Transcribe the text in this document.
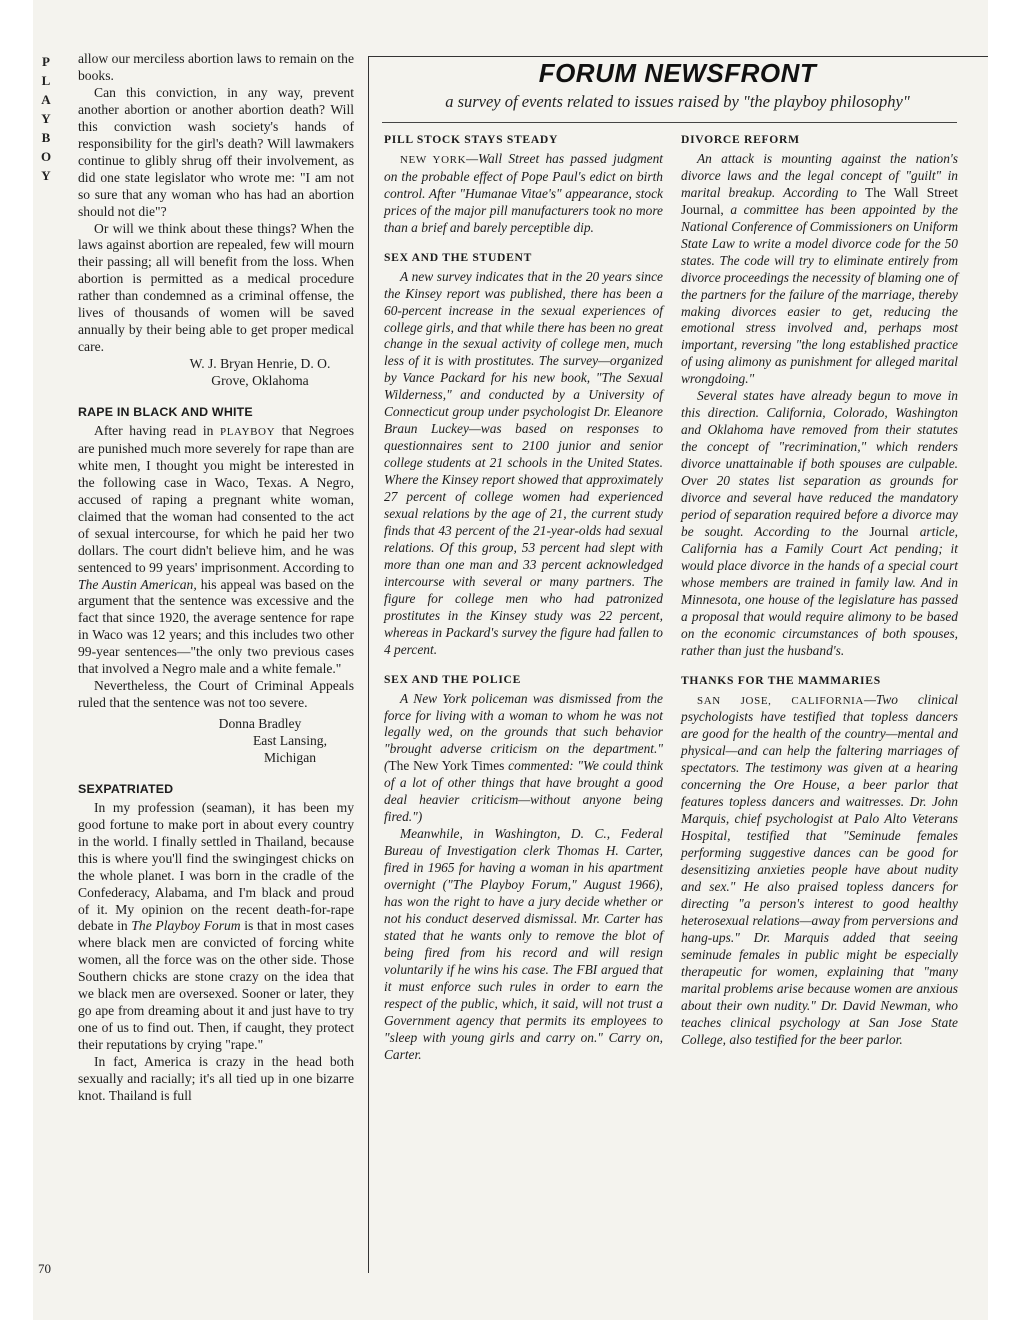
P
L
A
Y
B
O
Y
70

allow our merciless abortion laws to remain on the books.

Can this conviction, in any way, prevent another abortion or another abortion death? Will this conviction wash society's hands of responsibility for the girl's death? Will lawmakers continue to glibly shrug off their involvement, as did one state legislator who wrote me: "I am not so sure that any woman who has had an abortion should not die"?

Or will we think about these things? When the laws against abortion are repealed, few will mourn their passing; all will benefit from the loss. When abortion is permitted as a medical procedure rather than condemned as a criminal offense, the lives of thousands of women will be saved annually by their being able to get proper medical care.

W. J. Bryan Henrie, D. O.
Grove, Oklahoma
RAPE IN BLACK AND WHITE

After having read in PLAYBOY that Negroes are punished much more severely for rape than are white men, I thought you might be interested in the following case in Waco, Texas. A Negro, accused of raping a pregnant white woman, claimed that the woman had consented to the act of sexual intercourse, for which he paid her two dollars. The court didn't believe him, and he was sentenced to 99 years' imprisonment. According to The Austin American, his appeal was based on the argument that the sentence was excessive and the fact that since 1920, the average sentence for rape in Waco was 12 years; and this includes two other 99-year sentences—"the only two previous cases that involved a Negro male and a white female."

Nevertheless, the Court of Criminal Appeals ruled that the sentence was not too severe.

Donna Bradley
East Lansing, Michigan
SEXPATRIATED

In my profession (seaman), it has been my good fortune to make port in about every country in the world. I finally settled in Thailand, because this is where you'll find the swingingest chicks on the whole planet. I was born in the cradle of the Confederacy, Alabama, and I'm black and proud of it. My opinion on the recent death-for-rape debate in The Playboy Forum is that in most cases where black men are convicted of forcing white women, all the force was on the other side. Those Southern chicks are stone crazy on the idea that we black men are oversexed. Sooner or later, they go ape from dreaming about it and just have to try one of us to find out. Then, if caught, they protect their reputations by crying "rape."

In fact, America is crazy in the head both sexually and racially; it's all tied up in one bizarre knot. Thailand is full

FORUM NEWSFRONT
a survey of events related to issues raised by "the playboy philosophy"
PILL STOCK STAYS STEADY

NEW YORK—Wall Street has passed judgment on the probable effect of Pope Paul's edict on birth control. After "Humanae Vitae's" appearance, stock prices of the major pill manufacturers took no more than a brief and barely perceptible dip.

SEX AND THE STUDENT

A new survey indicates that in the 20 years since the Kinsey report was published, there has been a 60-percent increase in the sexual experiences of college girls, and that while there has been no great change in the sexual activity of college men, much less of it is with prostitutes. The survey—organized by Vance Packard for his new book, "The Sexual Wilderness," and conducted by a University of Connecticut group under psychologist Dr. Eleanore Braun Luckey—was based on responses to questionnaires sent to 2100 junior and senior college students at 21 schools in the United States. Where the Kinsey report showed that approximately 27 percent of college women had experienced sexual relations by the age of 21, the current study finds that 43 percent of the 21-year-olds had sexual relations. Of this group, 53 percent had slept with more than one man and 33 percent acknowledged intercourse with several or many partners. The figure for college men who had patronized prostitutes in the Kinsey study was 22 percent, whereas in Packard's survey the figure had fallen to 4 percent.

SEX AND THE POLICE

A New York policeman was dismissed from the force for living with a woman to whom he was not legally wed, on the grounds that such behavior "brought adverse criticism on the department." (The New York Times commented: "We could think of a lot of other things that have brought a good deal heavier criticism—without anyone being fired.")

Meanwhile, in Washington, D. C., Federal Bureau of Investigation clerk Thomas H. Carter, fired in 1965 for having a woman in his apartment overnight ("The Playboy Forum," August 1966), has won the right to have a jury decide whether or not his conduct deserved dismissal. Mr. Carter has stated that he wants only to remove the blot of being fired from his record and will resign voluntarily if he wins his case. The FBI argued that it must enforce such rules in order to earn the respect of the public, which, it said, will not trust a Government agency that permits its employees to "sleep with young girls and carry on." Carry on, Carter.

DIVORCE REFORM

An attack is mounting against the nation's divorce laws and the legal concept of "guilt" in marital breakup. According to The Wall Street Journal, a committee has been appointed by the National Conference of Commissioners on Uniform State Law to write a model divorce code for the 50 states. The code will try to eliminate entirely from divorce proceedings the necessity of blaming one of the partners for the failure of the marriage, thereby making divorces easier to get, reducing the emotional stress involved and, perhaps most important, reversing "the long established practice of using alimony as punishment for alleged marital wrongdoing."

Several states have already begun to move in this direction. California, Colorado, Washington and Oklahoma have removed from their statutes the concept of "recrimination," which renders divorce unattainable if both spouses are culpable. Over 20 states list separation as grounds for divorce and several have reduced the mandatory period of separation required before a divorce may be sought. According to the Journal article, California has a Family Court Act pending; it would place divorce in the hands of a special court whose members are trained in family law. And in Minnesota, one house of the legislature has passed a proposal that would require alimony to be based on the economic circumstances of both spouses, rather than just the husband's.

THANKS FOR THE MAMMARIES

SAN JOSE, CALIFORNIA—Two clinical psychologists have testified that topless dancers are good for the health of the country—mental and physical—and can help the faltering marriages of spectators. The testimony was given at a hearing concerning the Ore House, a beer parlor that features topless dancers and waitresses. Dr. John Marquis, chief psychologist at Palo Alto Veterans Hospital, testified that "Seminude females performing suggestive dances can be good for desensitizing anxieties people have about nudity and sex." He also praised topless dancers for directing "a person's interest to good healthy heterosexual relations—away from perversions and hang-ups." Dr. Marquis added that seeing seminude females in public might be especially therapeutic for women, explaining that "many marital problems arise because women are anxious about their own nudity." Dr. David Newman, who teaches clinical psychology at San Jose State College, also testified for the beer parlor.
